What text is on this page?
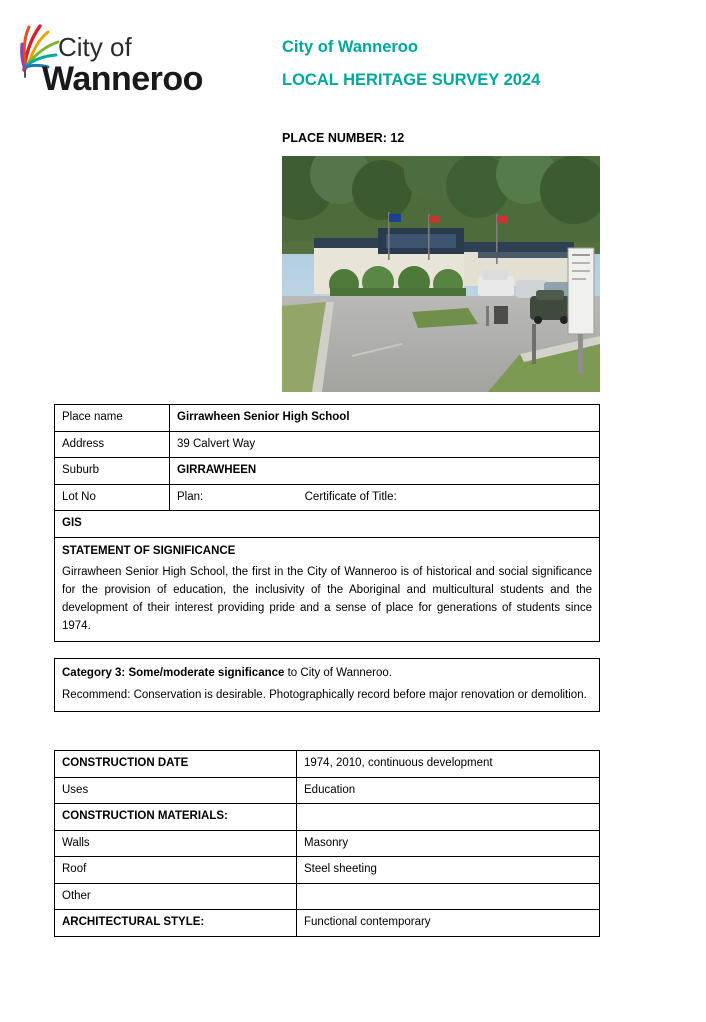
City of
Wanneroo
City of Wanneroo
LOCAL HERITAGE SURVEY 2024
PLACE NUMBER: 12
Place name	Girrawheen Senior High School
Address	39 Calvert Way
Suburb	GIRRAWHEEN
Lot No	Plan: Certificate of Title:
GIS	

STATEMENT OF SIGNIFICANCE
Girrawheen Senior High School, the first in the City of Wanneroo is of historical and social significance for the provision of education, the inclusivity of the Aboriginal and multicultural students and the development of their interest providing pride and a sense of place for generations of students since 1974.	
Category 3: Some/moderate significance to City of Wanneroo.
Recommend: Conservation is desirable. Photographically record before major renovation or demolition.
CONSTRUCTION DATE	1974, 2010, continuous development
Uses	Education
CONSTRUCTION MATERIALS:	
Walls	Masonry
Roof	Steel sheeting
Other	
ARCHITECTURAL STYLE:	Functional contemporary
